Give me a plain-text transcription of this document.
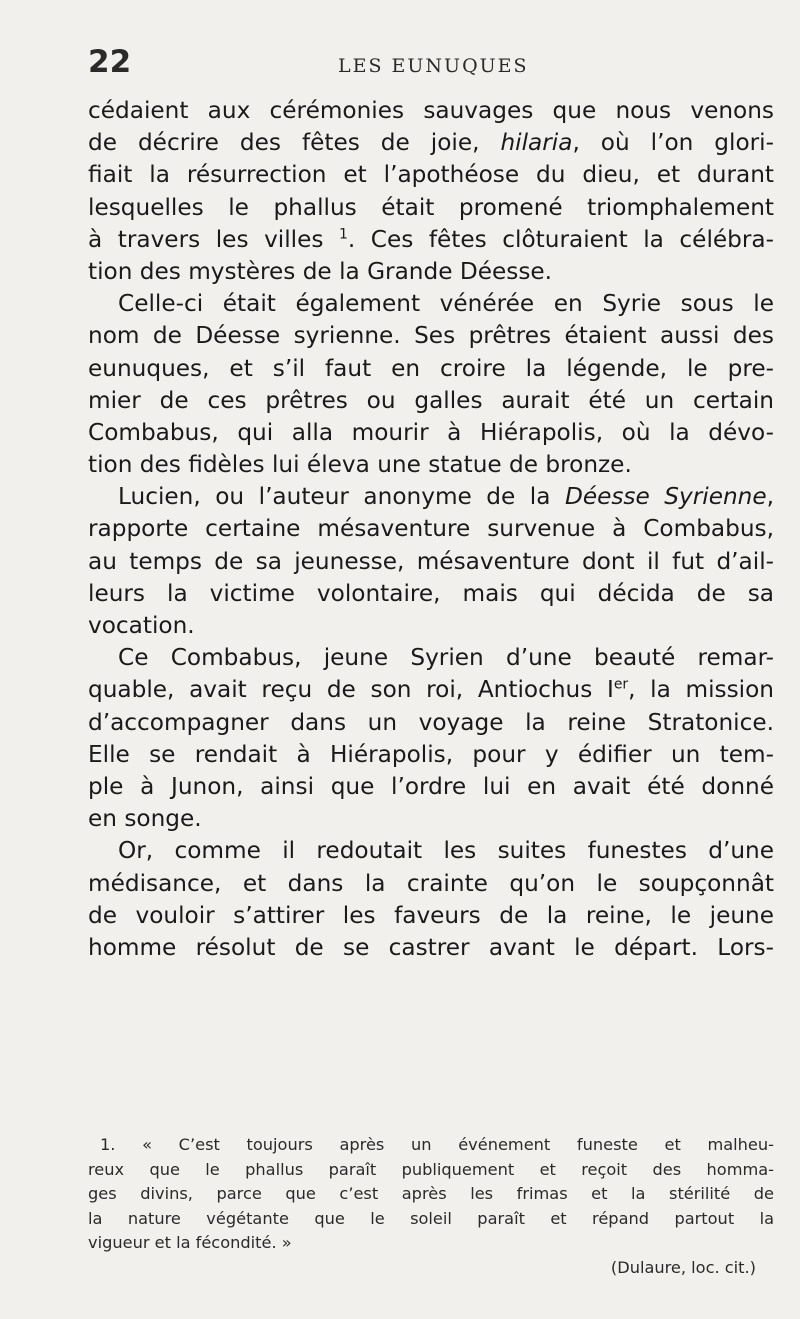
22	LES EUNUQUES
cédaient aux cérémonies sauvages que nous venons
de décrire des fêtes de joie, hilaria, où l’on glori-
fiait la résurrection et l’apothéose du dieu, et durant
lesquelles le phallus était promené triomphalement
à travers les villes $^1$. Ces fêtes clôturaient la célébra-
tion des mystères de la Grande Déesse.
Celle-ci était également vénérée en Syrie sous le
nom de Déesse syrienne. Ses prêtres étaient aussi des
eunuques, et s’il faut en croire la légende, le pre-
mier de ces prêtres ou galles aurait été un certain
Combabus, qui alla mourir à Hiérapolis, où la dévo-
tion des fidèles lui éleva une statue de bronze.
Lucien, ou l’auteur anonyme de la Déesse Syrienne,
rapporte certaine mésaventure survenue à Combabus,
au temps de sa jeunesse, mésaventure dont il fut d’ail-
leurs la victime volontaire, mais qui décida de sa
vocation.
Ce Combabus, jeune Syrien d’une beauté remar-
quable, avait reçu de son roi, Antiochus Ier, la mission
d’accompagner dans un voyage la reine Stratonice.
Elle se rendait à Hiérapolis, pour y édifier un tem-
ple à Junon, ainsi que l’ordre lui en avait été donné
en songe.
Or, comme il redoutait les suites funestes d’une
médisance, et dans la crainte qu’on le soupçonnât
de vouloir s’attirer les faveurs de la reine, le jeune
homme résolut de se castrer avant le départ. Lors-
1. « C’est toujours après un événement funeste et malheu-
reux que le phallus paraît publiquement et reçoit des homma-
ges divins, parce que c’est après les frimas et la stérilité de
la nature végétante que le soleil paraît et répand partout la
vigueur et la fécondité. »
(Dulaure, loc. cit.)
